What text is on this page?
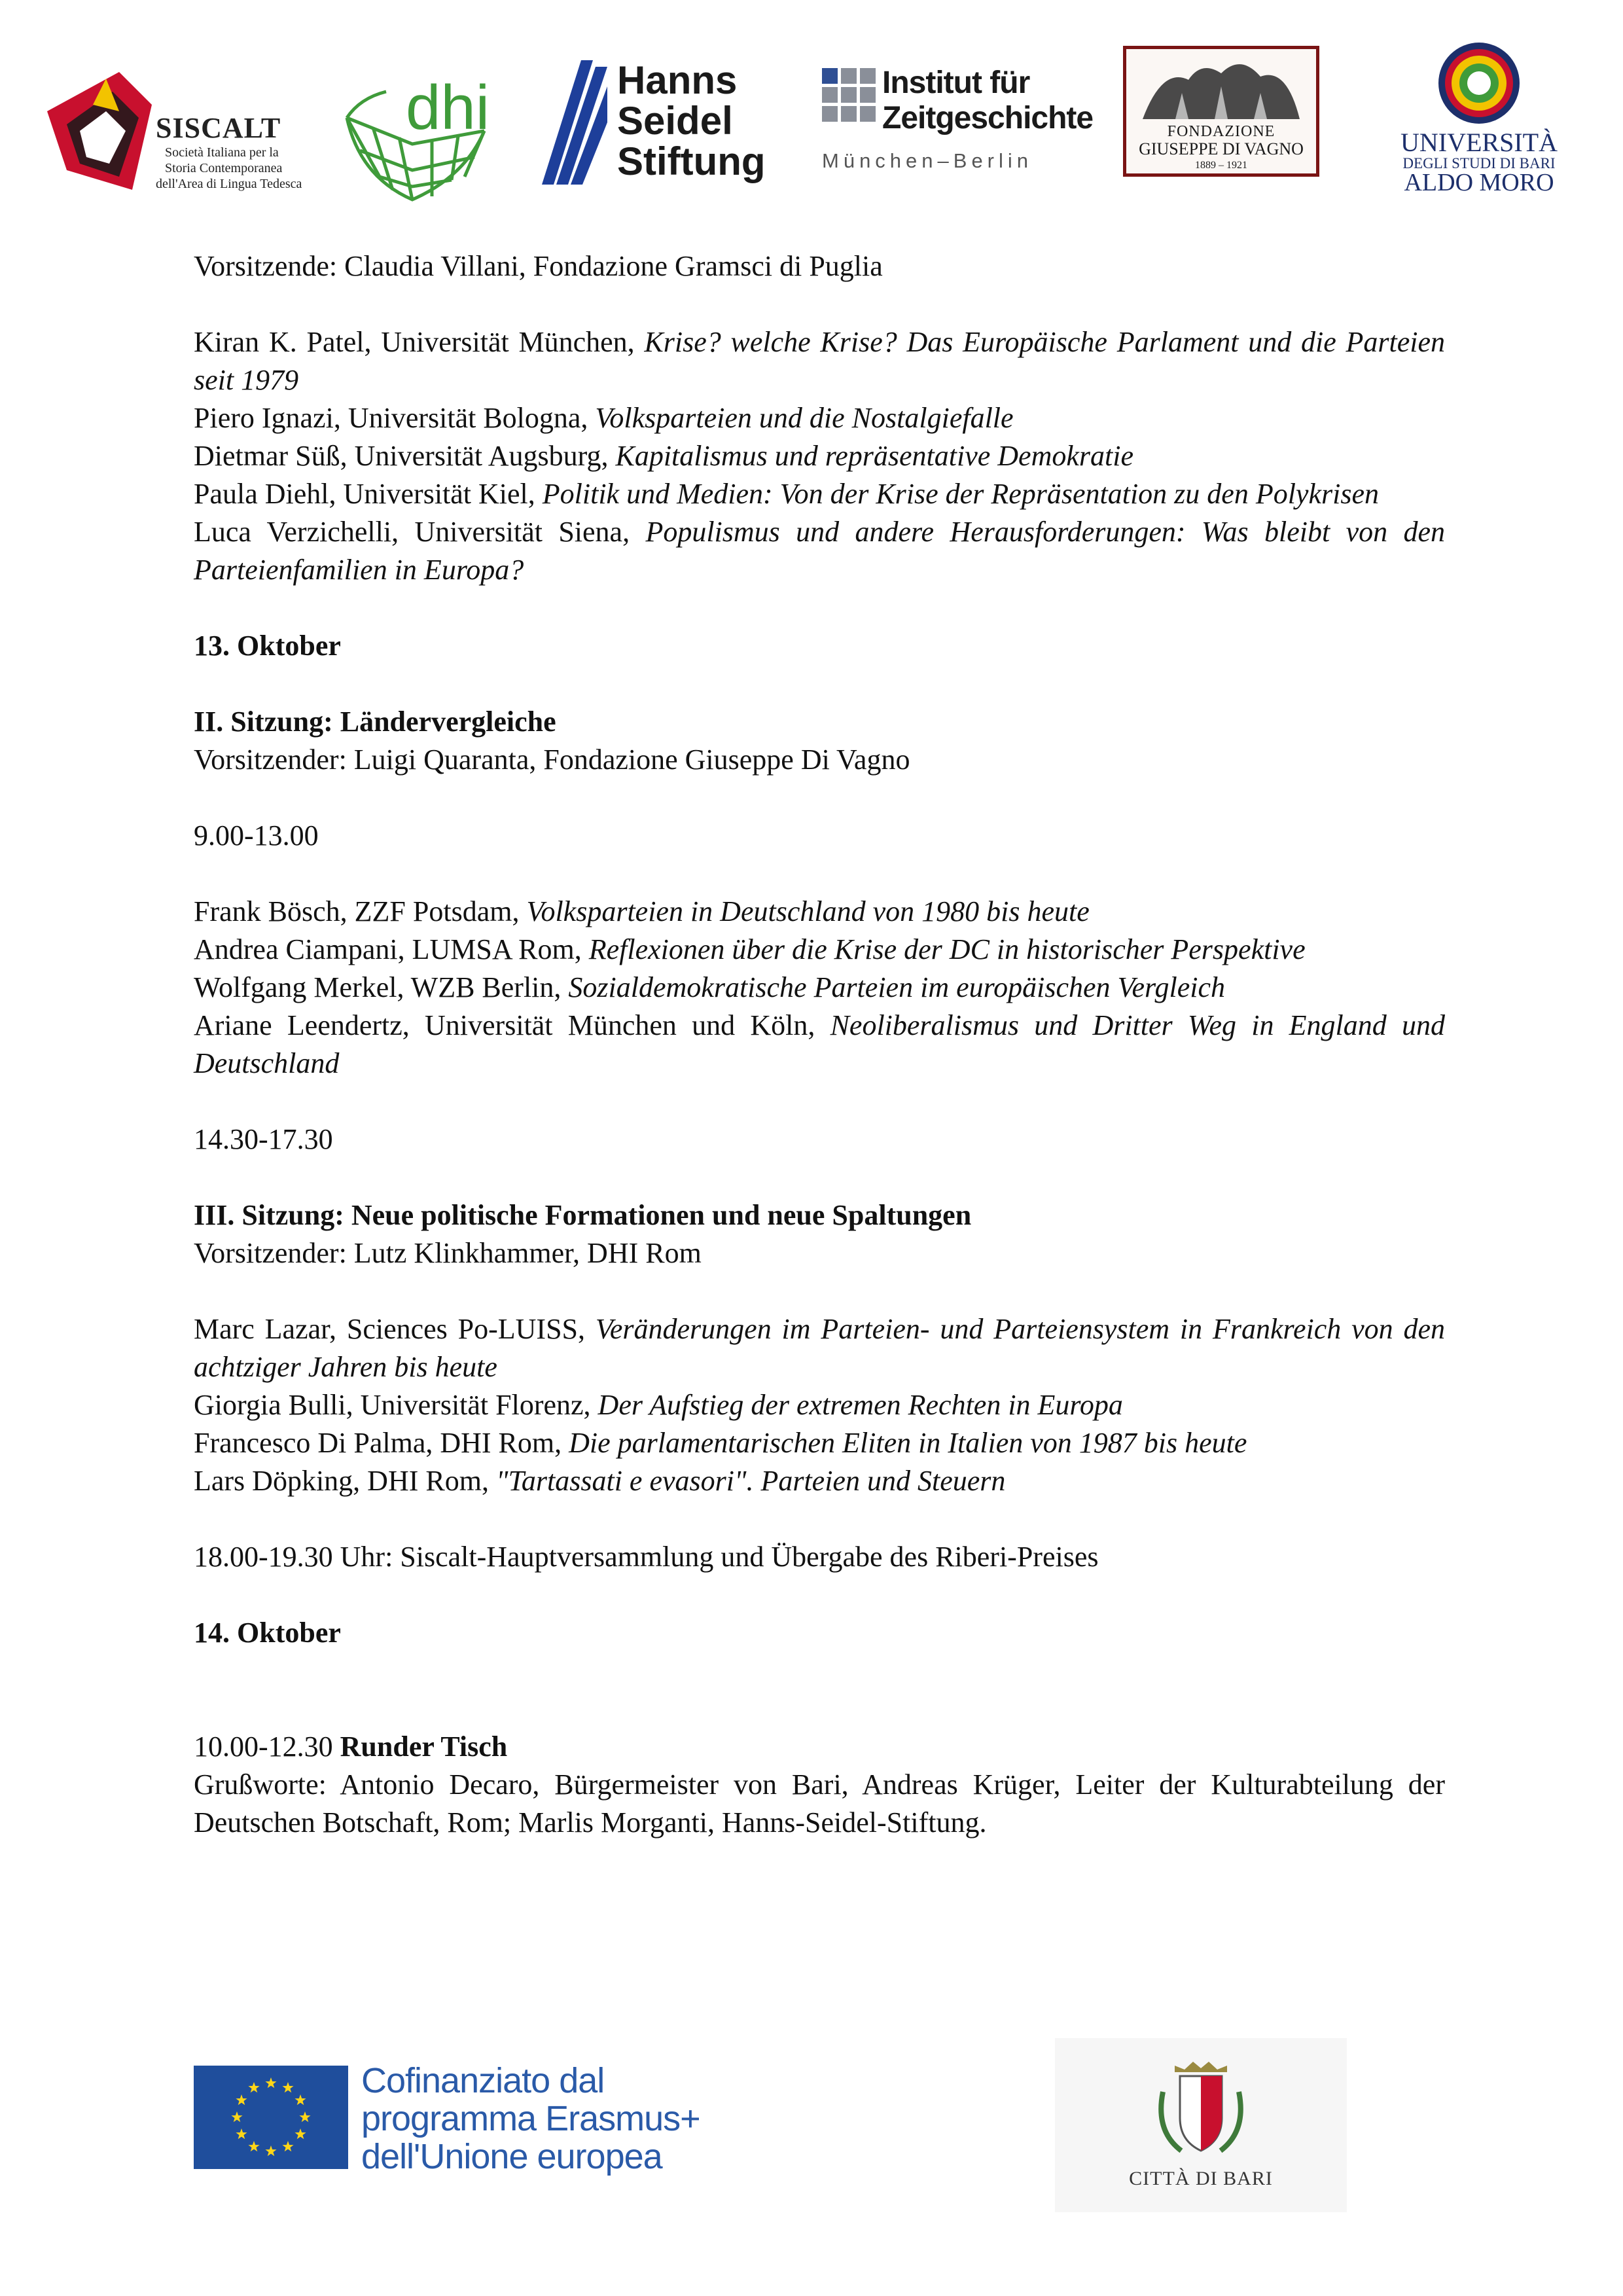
SISCALT
Società Italiana per la
Storia Contemporanea
dell'Area di Lingua Tedesca
dhi	Hanns
Seidel
Stiftung
Institut für
Zeitgeschichte
München–Berlin
FONDAZIONE
GIUSEPPE DI VAGNO
1889 – 1921
UNIVERSITÀ
DEGLI STUDI DI BARI
ALDO MORO

Vorsitzende: Claudia Villani, Fondazione Gramsci di Puglia

Kiran K. Patel, Universität München, Krise? welche Krise? Das Europäische Parlament und die Parteien seit 1979

Piero Ignazi, Universität Bologna, Volksparteien und die Nostalgiefalle

Dietmar Süß, Universität Augsburg, Kapitalismus und repräsentative Demokratie

Paula Diehl, Universität Kiel, Politik und Medien: Von der Krise der Repräsentation zu den Polykrisen

Luca Verzichelli, Universität Siena, Populismus und andere Herausforderungen: Was bleibt von den Parteienfamilien in Europa?

13. Oktober

II. Sitzung: Ländervergleiche

Vorsitzender: Luigi Quaranta, Fondazione Giuseppe Di Vagno

9.00-13.00

Frank Bösch, ZZF Potsdam, Volksparteien in Deutschland von 1980 bis heute

Andrea Ciampani, LUMSA Rom, Reflexionen über die Krise der DC in historischer Perspektive

Wolfgang Merkel, WZB Berlin, Sozialdemokratische Parteien im europäischen Vergleich

Ariane Leendertz, Universität München und Köln, Neoliberalismus und Dritter Weg in England und Deutschland

14.30-17.30

III. Sitzung: Neue politische Formationen und neue Spaltungen

Vorsitzender: Lutz Klinkhammer, DHI Rom

Marc Lazar, Sciences Po-LUISS, Veränderungen im Parteien- und Parteiensystem in Frankreich von den achtziger Jahren bis heute

Giorgia Bulli, Universität Florenz, Der Aufstieg der extremen Rechten in Europa

Francesco Di Palma, DHI Rom, Die parlamentarischen Eliten in Italien von 1987 bis heute

Lars Döpking, DHI Rom, "Tartassati e evasori". Parteien und Steuern

18.00-19.30 Uhr: Siscalt-Hauptversammlung und Übergabe des Riberi-Preises

14. Oktober

10.00-12.30 Runder Tisch

Grußworte: Antonio Decaro, Bürgermeister von Bari, Andreas Krüger, Leiter der Kulturabteilung der Deutschen Botschaft, Rom; Marlis Morganti, Hanns-Seidel-Stiftung.

Cofinanziato dal
programma Erasmus+
dell'Unione europea
CITTÀ DI BARI
